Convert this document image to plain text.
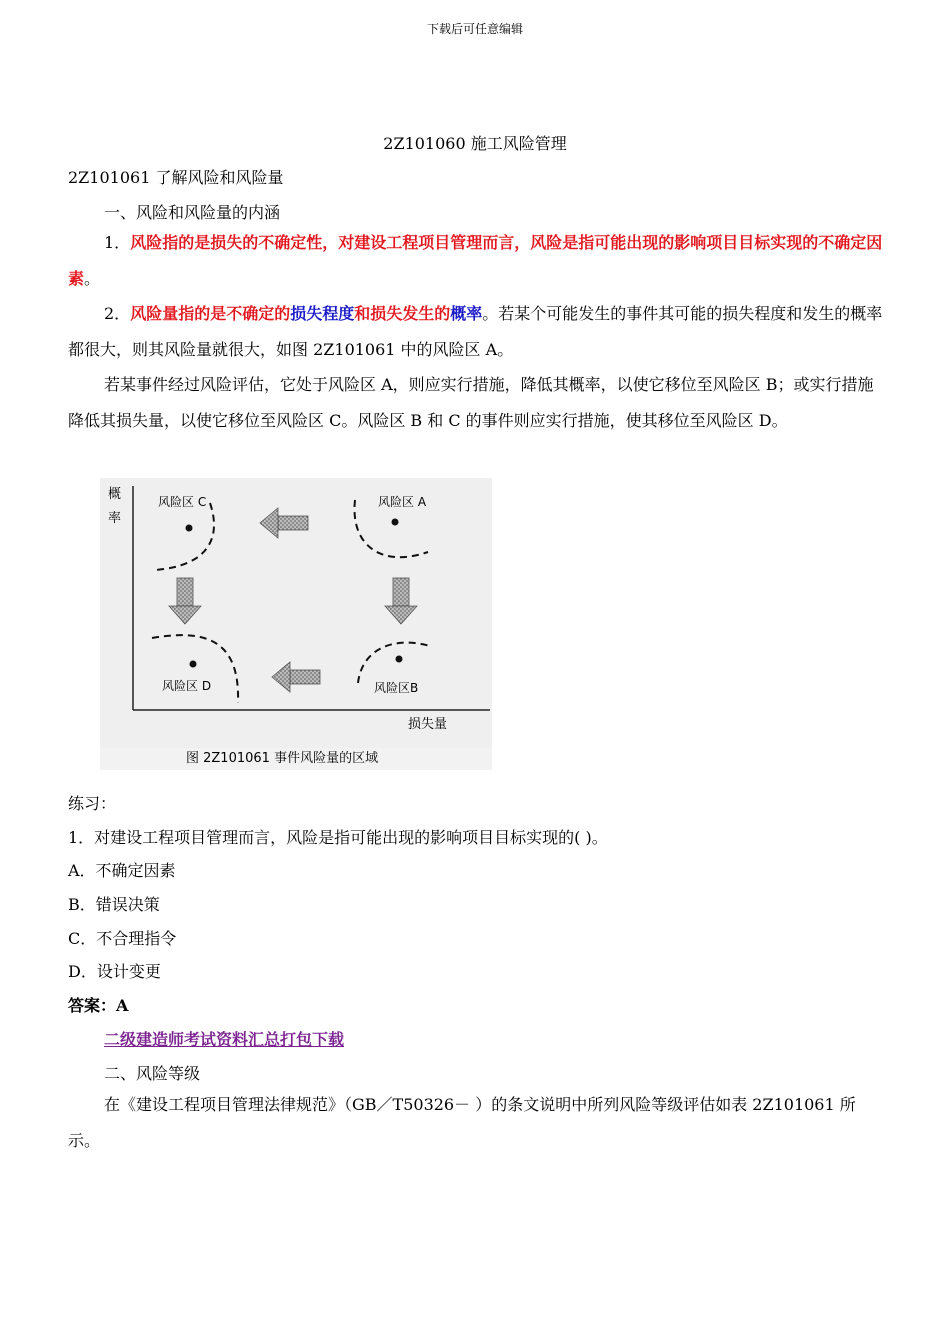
下载后可任意编辑
2Z101060 施工风险管理
2Z101061 了解风险和风险量
一、风险和风险量的内涵

1．风险指的是损失的不确定性，对建设工程项目管理而言，风险是指可能出现的影响项目目标实现的不确定因素。

2．风险量指的是不确定的损失程度和损失发生的概率。若某个可能发生的事件其可能的损失程度和发生的概率都很大，则其风险量就很大，如图 2Z101061 中的风险区 A。

若某事件经过风险评估，它处于风险区 A，则应实行措施，降低其概率，以使它移位至风险区 B；或实行措施降低其损失量，以使它移位至风险区 C。风险区 B 和 C 的事件则应实行措施，使其移位至风险区 D。

概
率
损失量
风险区 C	风险区 A
风险区 D	风险区B
图 2Z101061 事件风险量的区域
练习：
1．对建设工程项目管理而言，风险是指可能出现的影响项目目标实现的( )。
A．不确定因素
B．错误决策
C．不合理指令
D．设计变更
答案：A
二级建造师考试资料汇总打包下载
二、风险等级

在《建设工程项目管理法律规范》（GB／T50326－ ）的条文说明中所列风险等级评估如表 2Z101061 所示。
